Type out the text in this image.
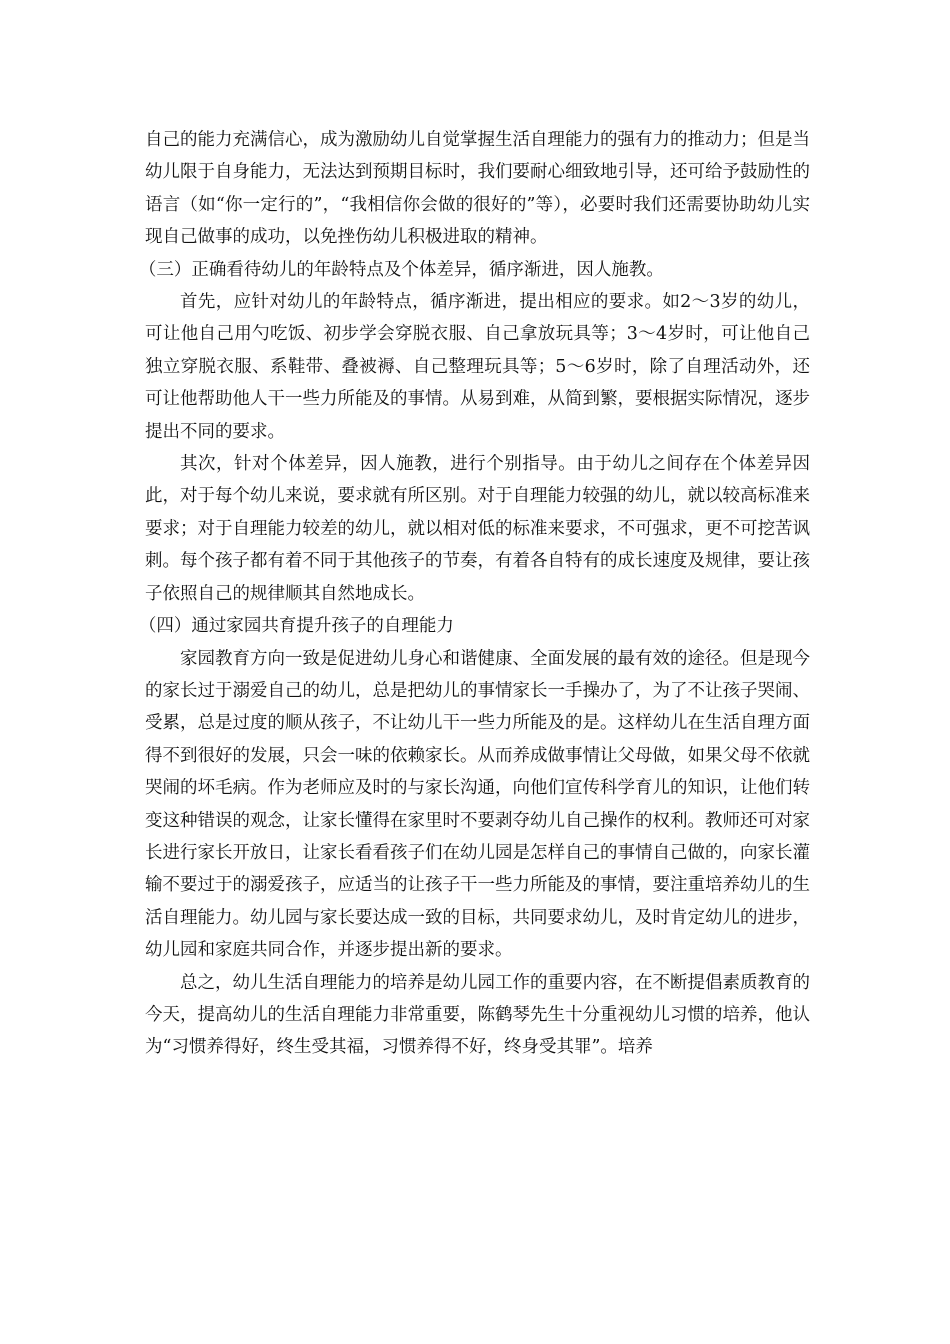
自己的能力充满信心，成为激励幼儿自觉掌握生活自理能力的强有力的推动力；但是当幼儿限于自身能力，无法达到预期目标时，我们要耐心细致地引导，还可给予鼓励性的语言（如“你一定行的”，“我相信你会做的很好的”等），必要时我们还需要协助幼儿实现自己做事的成功，以免挫伤幼儿积极进取的精神。

（三）正确看待幼儿的年龄特点及个体差异，循序渐进，因人施教。

首先，应针对幼儿的年龄特点，循序渐进，提出相应的要求。如2～3岁的幼儿，可让他自己用勺吃饭、初步学会穿脱衣服、自己拿放玩具等；3～4岁时，可让他自己独立穿脱衣服、系鞋带、叠被褥、自己整理玩具等；5～6岁时，除了自理活动外，还可让他帮助他人干一些力所能及的事情。从易到难，从简到繁，要根据实际情况，逐步提出不同的要求。

其次，针对个体差异，因人施教，进行个别指导。由于幼儿之间存在个体差异因此，对于每个幼儿来说，要求就有所区别。对于自理能力较强的幼儿，就以较高标准来要求；对于自理能力较差的幼儿，就以相对低的标准来要求，不可强求，更不可挖苦讽刺。每个孩子都有着不同于其他孩子的节奏，有着各自特有的成长速度及规律，要让孩子依照自己的规律顺其自然地成长。

（四）通过家园共育提升孩子的自理能力

家园教育方向一致是促进幼儿身心和谐健康、全面发展的最有效的途径。但是现今的家长过于溺爱自己的幼儿，总是把幼儿的事情家长一手操办了，为了不让孩子哭闹、受累，总是过度的顺从孩子，不让幼儿干一些力所能及的是。这样幼儿在生活自理方面得不到很好的发展，只会一味的依赖家长。从而养成做事情让父母做，如果父母不依就哭闹的坏毛病。作为老师应及时的与家长沟通，向他们宣传科学育儿的知识，让他们转变这种错误的观念，让家长懂得在家里时不要剥夺幼儿自己操作的权利。教师还可对家长进行家长开放日，让家长看看孩子们在幼儿园是怎样自己的事情自己做的，向家长灌输不要过于的溺爱孩子，应适当的让孩子干一些力所能及的事情，要注重培养幼儿的生活自理能力。幼儿园与家长要达成一致的目标，共同要求幼儿，及时肯定幼儿的进步，幼儿园和家庭共同合作，并逐步提出新的要求。

总之，幼儿生活自理能力的培养是幼儿园工作的重要内容，在不断提倡素质教育的今天，提高幼儿的生活自理能力非常重要，陈鹤琴先生十分重视幼儿习惯的培养，他认为“习惯养得好，终生受其福，习惯养得不好，终身受其罪”。培养
